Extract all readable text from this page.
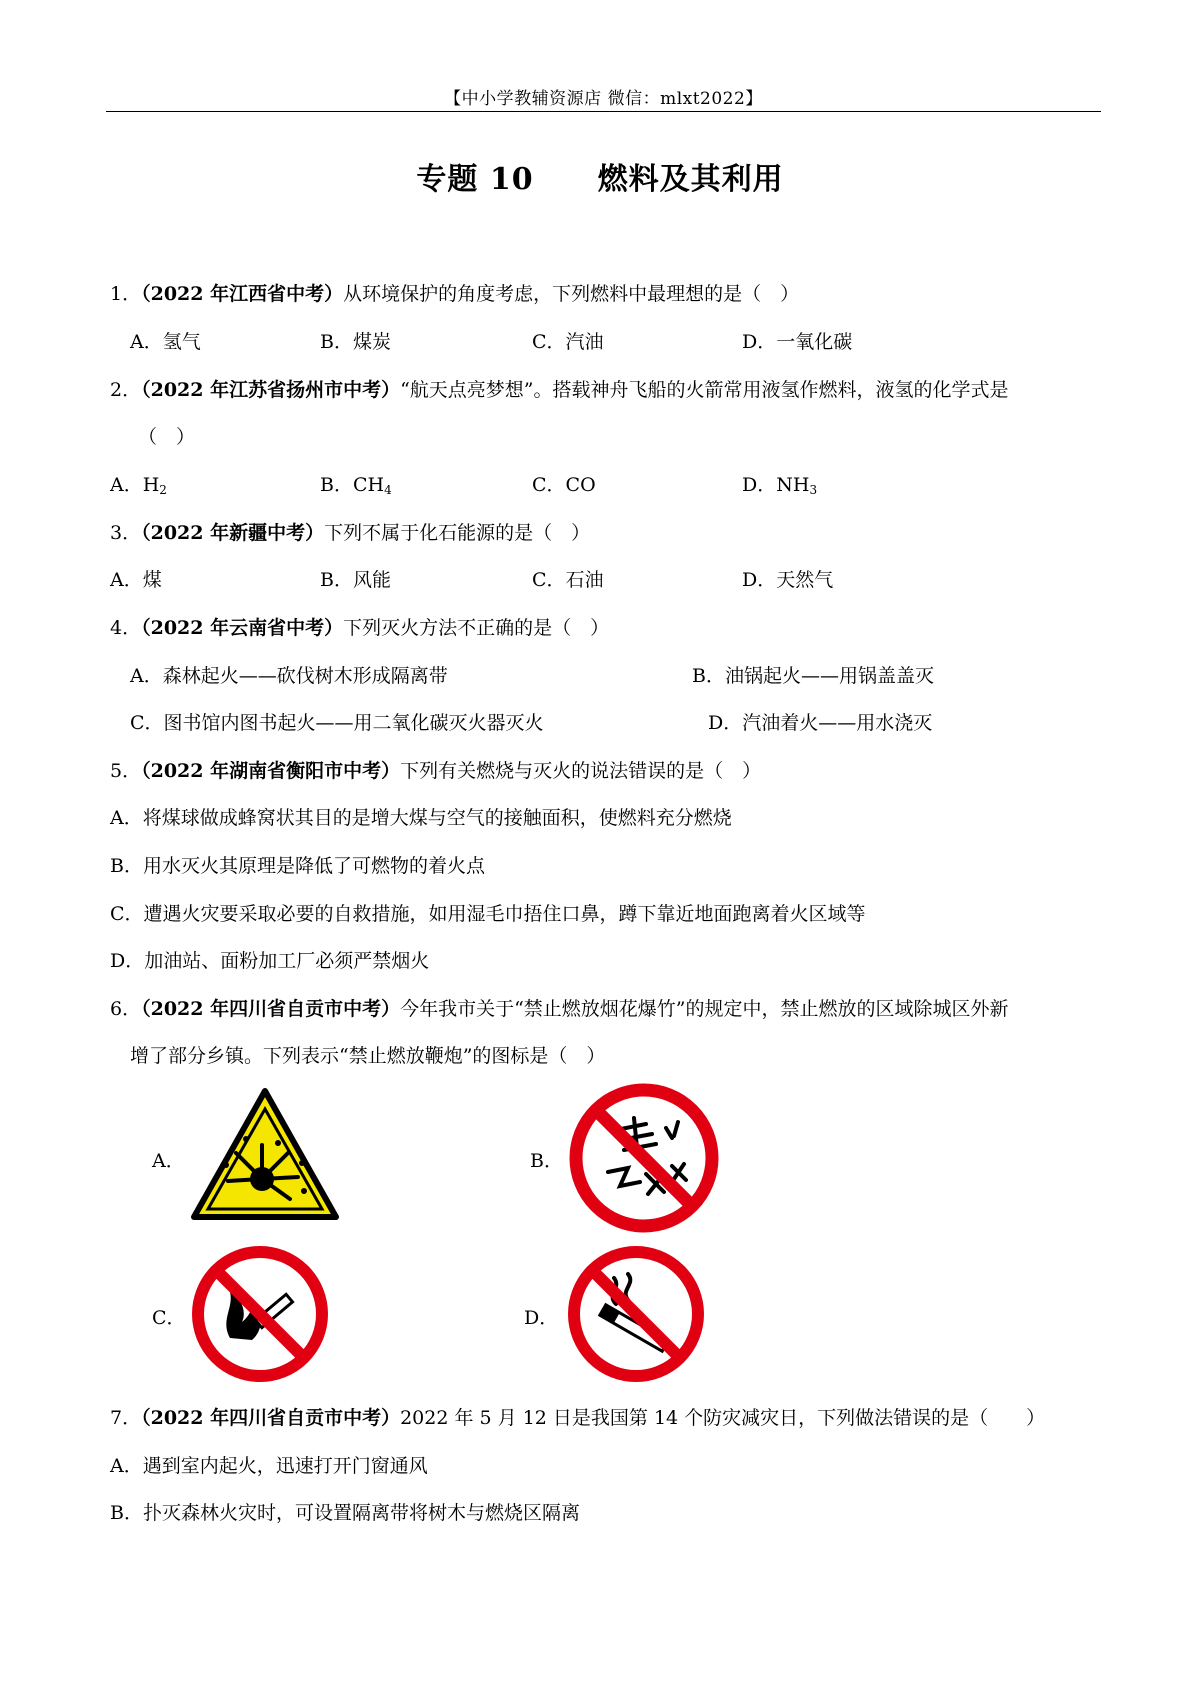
【中小学教辅资源店 微信：mlxt2022】
专题 10 燃料及其利用
1．（2022 年江西省中考）从环境保护的角度考虑，下列燃料中最理想的是（　）
A．氢气	B．煤炭	C．汽油	D．一氧化碳
2．（2022 年江苏省扬州市中考）“航天点亮梦想”。搭载神舟飞船的火箭常用液氢作燃料，液氢的化学式是
（　）
A．$H_2$	B．$CH_4$	C．CO	D．$NH_3$
3．（2022 年新疆中考）下列不属于化石能源的是（　）
A．煤	B．风能	C．石油	D．天然气
4．（2022 年云南省中考）下列灭火方法不正确的是（　）
A．森林起火——砍伐树木形成隔离带	B．油锅起火——用锅盖盖灭
C．图书馆内图书起火——用二氧化碳灭火器灭火	D．汽油着火——用水浇灭
5．（2022 年湖南省衡阳市中考）下列有关燃烧与灭火的说法错误的是（　）
A．将煤球做成蜂窝状其目的是增大煤与空气的接触面积，使燃料充分燃烧
B．用水灭火其原理是降低了可燃物的着火点
C．遭遇火灾要采取必要的自救措施，如用湿毛巾捂住口鼻，蹲下靠近地面跑离着火区域等
D．加油站、面粉加工厂必须严禁烟火
6．（2022 年四川省自贡市中考）今年我市关于“禁止燃放烟花爆竹”的规定中，禁止燃放的区域除城区外新
增了部分乡镇。下列表示“禁止燃放鞭炮”的图标是（　）
A．	B．
C．	D．
7．（2022 年四川省自贡市中考）2022 年 5 月 12 日是我国第 14 个防灾减灾日，下列做法错误的是（　　）
A．遇到室内起火，迅速打开门窗通风
B．扑灭森林火灾时，可设置隔离带将树木与燃烧区隔离
